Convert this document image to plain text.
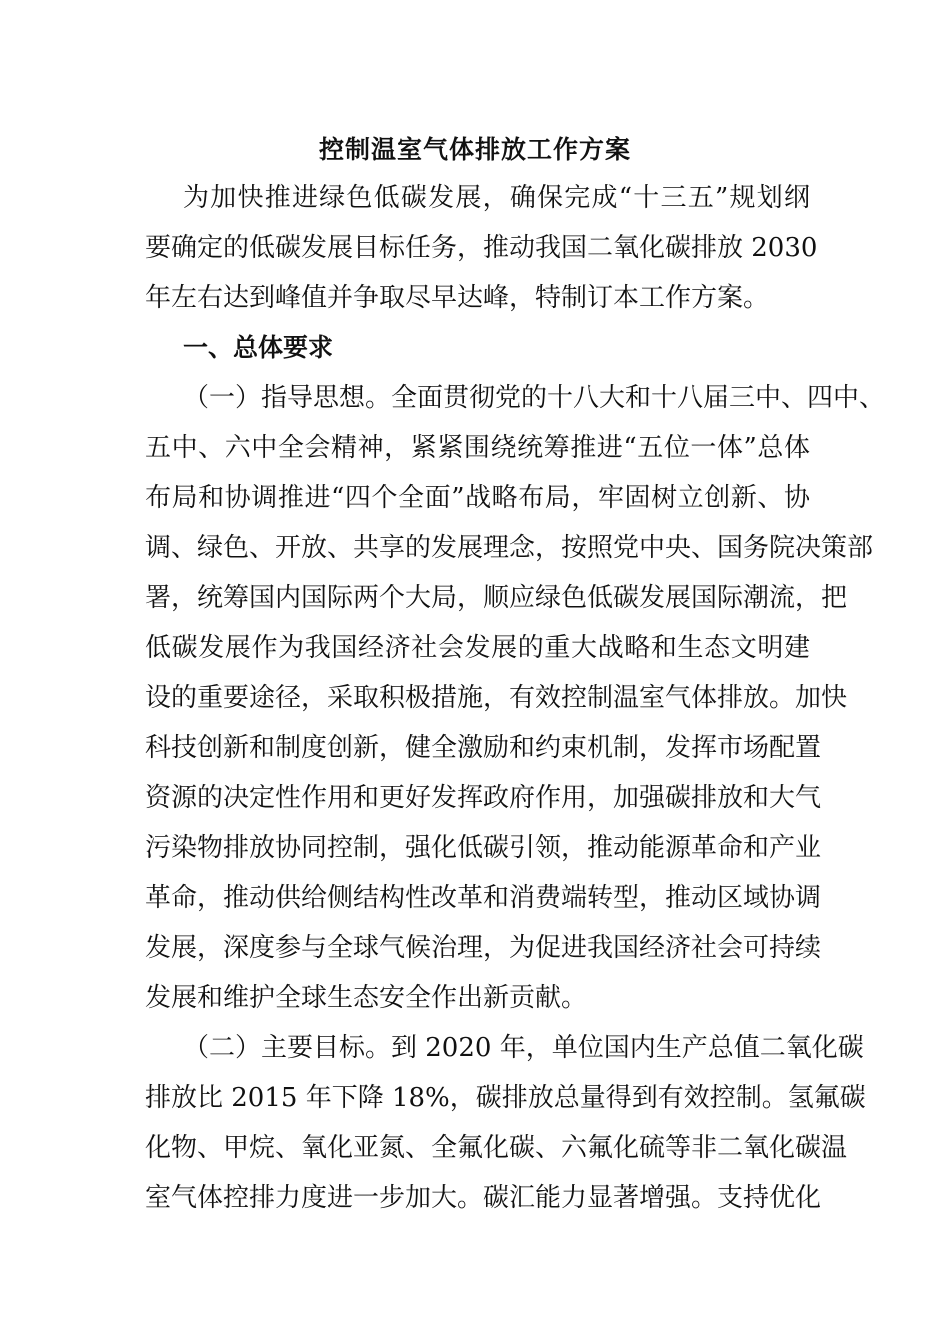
控制温室气体排放工作方案
为加快推进绿色低碳发展，确保完成“十三五”规划纲
要确定的低碳发展目标任务，推动我国二氧化碳排放 2030
年左右达到峰值并争取尽早达峰，特制订本工作方案。
一、总体要求
（一）指导思想。全面贯彻党的十八大和十八届三中、四中、
五中、六中全会精神，紧紧围绕统筹推进“五位一体”总体
布局和协调推进“四个全面”战略布局，牢固树立创新、协
调、绿色、开放、共享的发展理念，按照党中央、国务院决策部
署，统筹国内国际两个大局，顺应绿色低碳发展国际潮流，把
低碳发展作为我国经济社会发展的重大战略和生态文明建
设的重要途径，采取积极措施，有效控制温室气体排放。加快
科技创新和制度创新，健全激励和约束机制，发挥市场配置
资源的决定性作用和更好发挥政府作用，加强碳排放和大气
污染物排放协同控制，强化低碳引领，推动能源革命和产业
革命，推动供给侧结构性改革和消费端转型，推动区域协调
发展，深度参与全球气候治理，为促进我国经济社会可持续
发展和维护全球生态安全作出新贡献。
（二）主要目标。到 2020 年，单位国内生产总值二氧化碳
排放比 2015 年下降 18%，碳排放总量得到有效控制。氢氟碳
化物、甲烷、氧化亚氮、全氟化碳、六氟化硫等非二氧化碳温
室气体控排力度进一步加大。碳汇能力显著增强。支持优化
